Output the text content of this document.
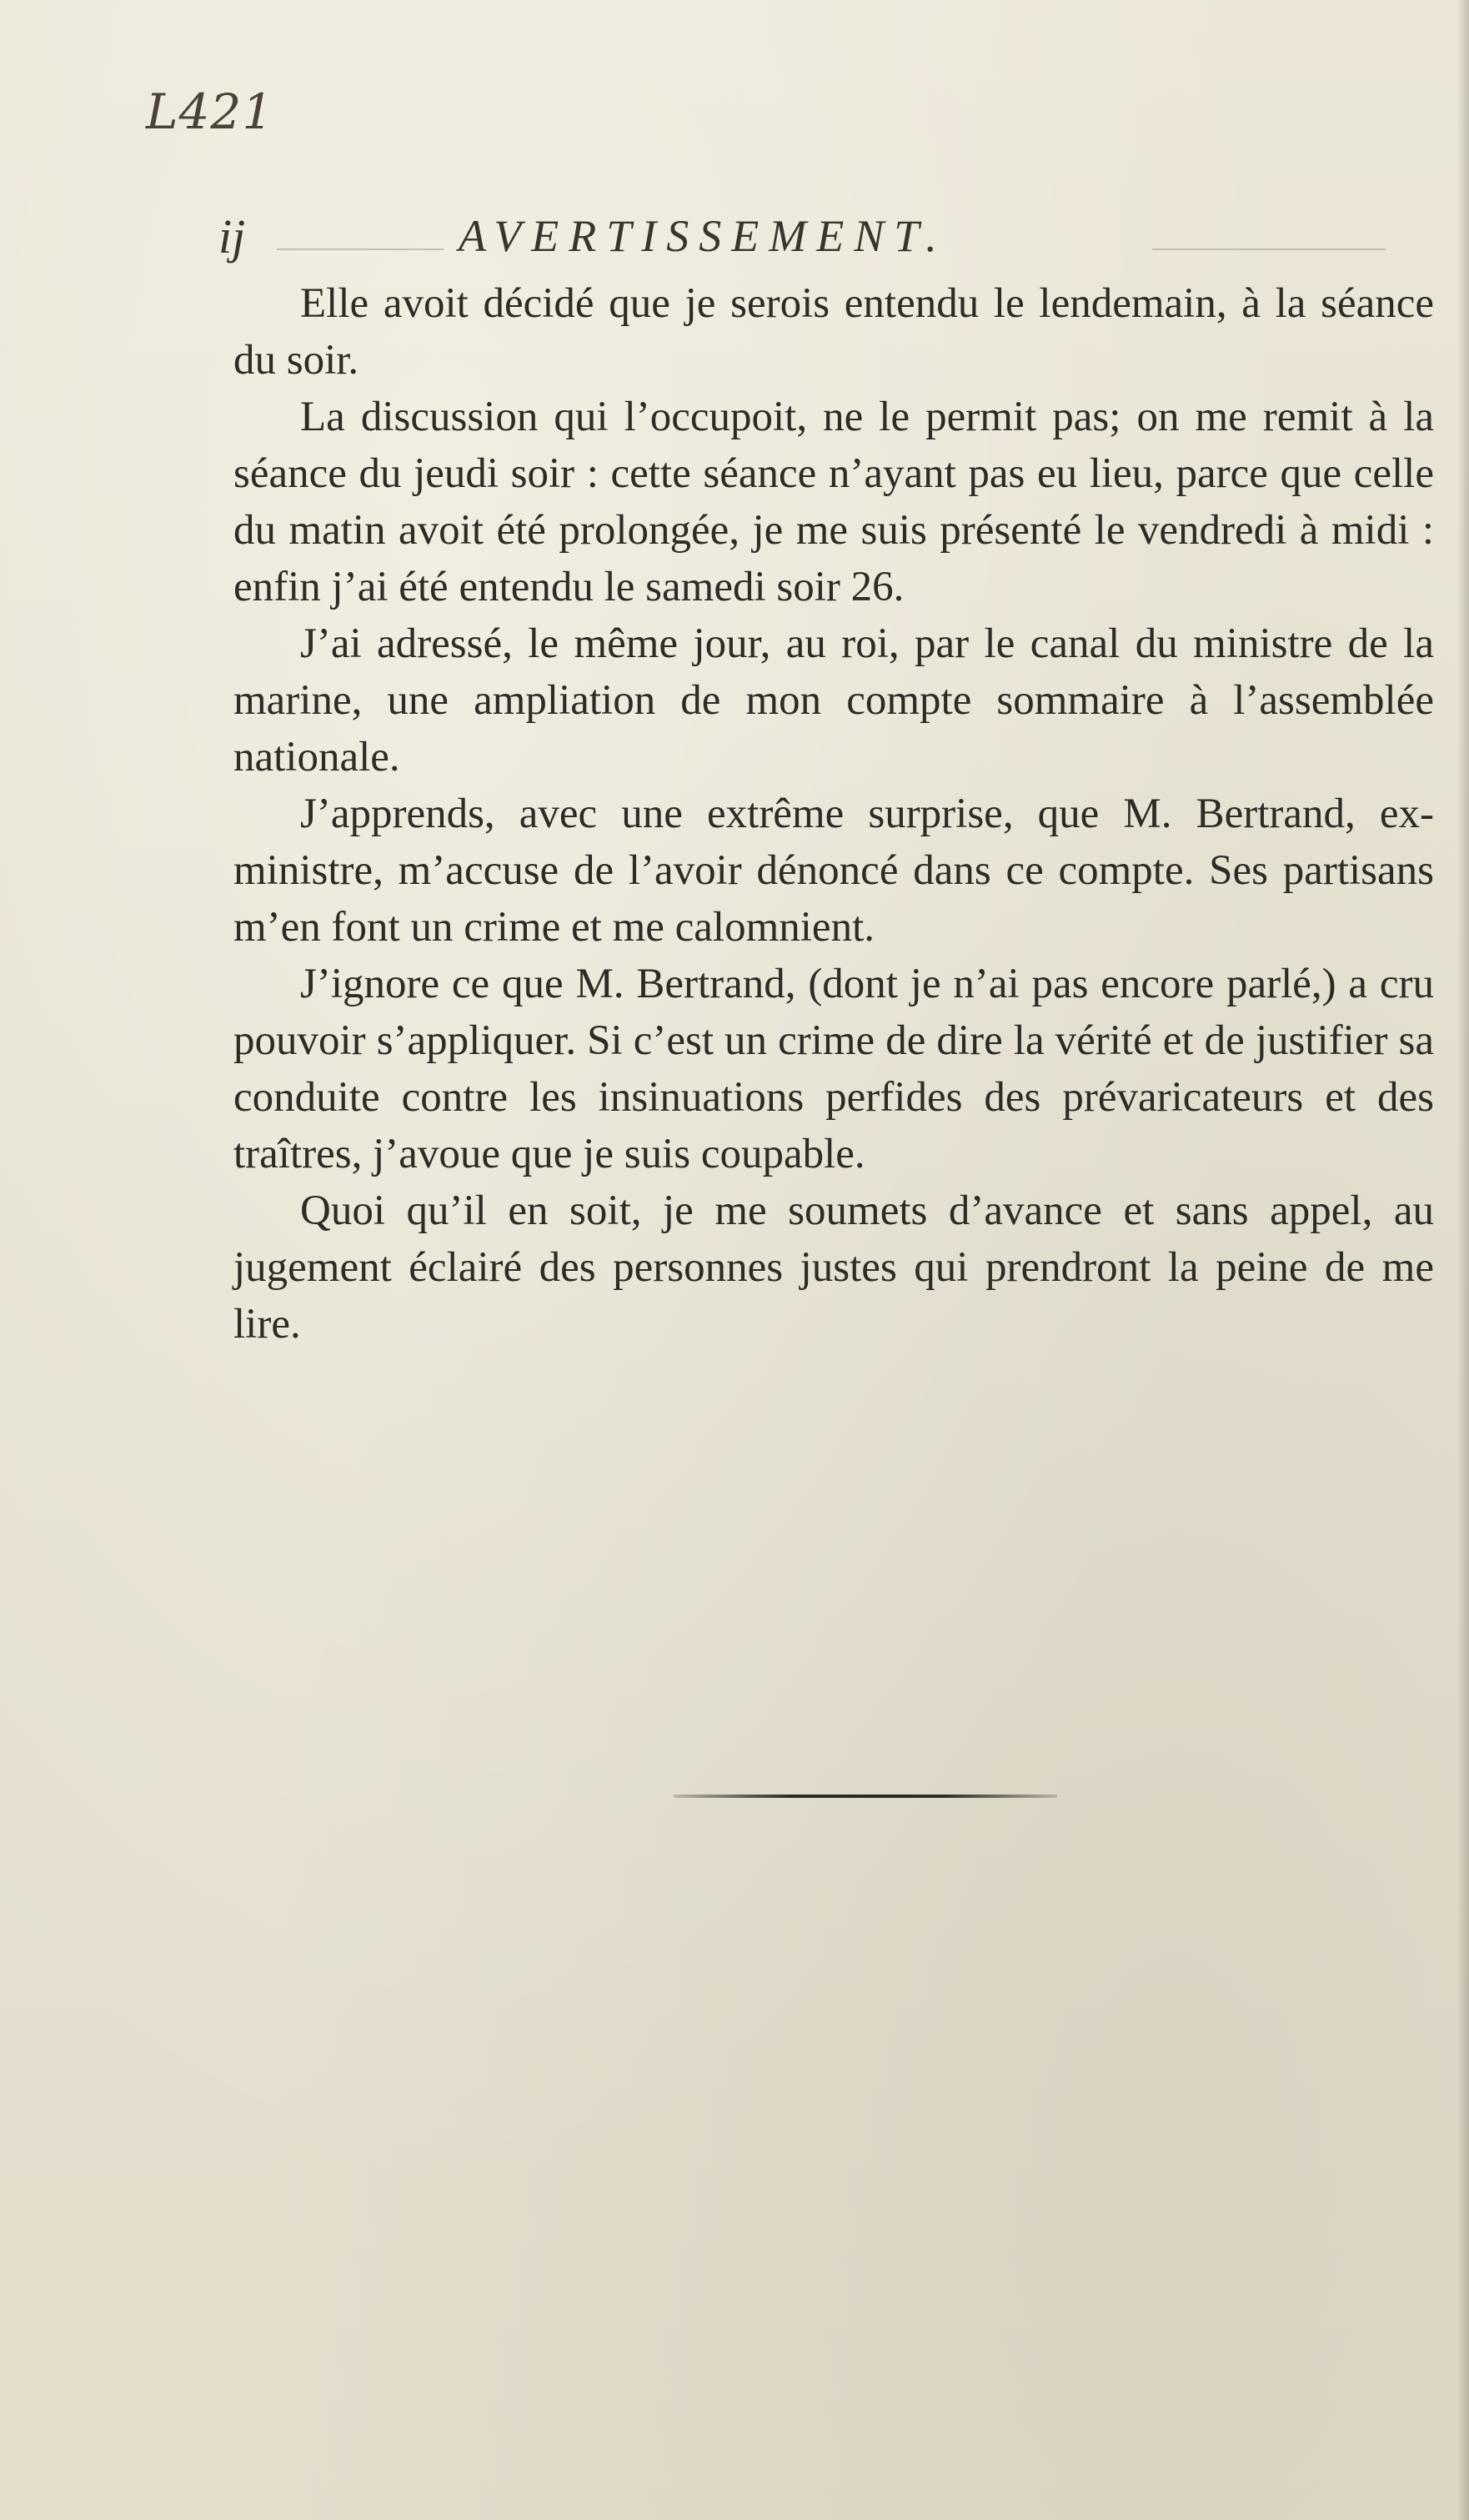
L421
ij	AVERTISSEMENT.

Elle avoit décidé que je serois entendu le lendemain, à la séance du soir.

La discussion qui l’occupoit, ne le permit pas; on me remit à la séance du jeudi soir : cette séance n’ayant pas eu lieu, parce que celle du matin avoit été prolongée, je me suis présenté le vendredi à midi : enfin j’ai été entendu le samedi soir 26.

J’ai adressé, le même jour, au roi, par le canal du ministre de la marine, une ampliation de mon compte sommaire à l’assemblée nationale.

J’apprends, avec une extrême surprise, que M. Bertrand, ex-ministre, m’accuse de l’avoir dénoncé dans ce compte. Ses partisans m’en font un crime et me calomnient.

J’ignore ce que M. Bertrand, (dont je n’ai pas encore parlé,) a cru pouvoir s’appliquer. Si c’est un crime de dire la vérité et de justifier sa conduite contre les insinuations perfides des prévaricateurs et des traîtres, j’avoue que je suis coupable.

Quoi qu’il en soit, je me soumets d’avance et sans appel, au jugement éclairé des personnes justes qui prendront la peine de me lire.
